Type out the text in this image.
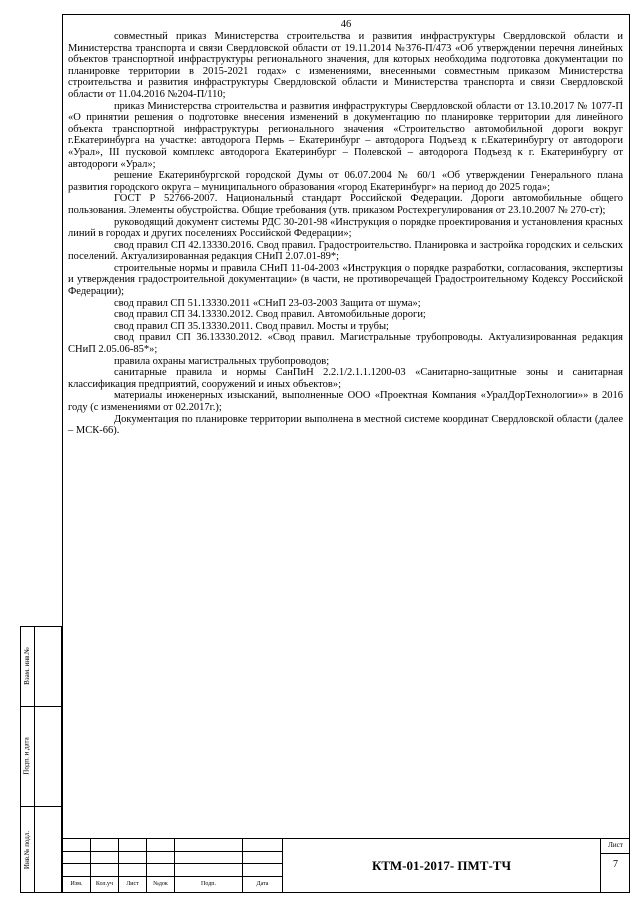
46

совместный приказ Министерства строительства и развития инфраструктуры Свердловской области и Министерства транспорта и связи Свердловской области от 19.11.2014 №376-П/473 «Об утверждении перечня линейных объектов транспортной инфраструктуры регионального значения, для которых необходима подготовка документации по планировке территории в 2015-2021 годах» с изменениями, внесенными совместным приказом Министерства строительства и развития инфраструктуры Свердловской области и Министерства транспорта и связи Свердловской области от 11.04.2016 №204-П/110;

приказ Министерства строительства и развития инфраструктуры Свердловской области от 13.10.2017 № 1077-П «О принятии решения о подготовке внесения изменений в документацию по планировке территории для линейного объекта транспортной инфраструктуры регионального значения «Строительство автомобильной дороги вокруг г.Екатеринбурга на участке: автодорога Пермь – Екатеринбург – автодорога Подъезд к г.Екатеринбургу от автодороги «Урал», III пусковой комплекс автодорога Екатеринбург – Полевской – автодорога Подъезд к г. Екатеринбургу от автодороги «Урал»;

решение Екатеринбургской городской Думы от 06.07.2004 № 60/1 «Об утверждении Генерального плана развития городского округа – муниципального образования «город Екатеринбург» на период до 2025 года»;

ГОСТ Р 52766-2007. Национальный стандарт Российской Федерации. Дороги автомобильные общего пользования. Элементы обустройства. Общие требования (утв. приказом Ростехрегулирования от 23.10.2007 № 270-ст);

руководящий документ системы РДС 30-201-98 «Инструкция о порядке проектирования и установления красных линий в городах и других поселениях Российской Федерации»;

свод правил СП 42.13330.2016. Свод правил. Градостроительство. Планировка и застройка городских и сельских поселений. Актуализированная редакция СНиП 2.07.01-89*;

строительные нормы и правила СНиП 11-04-2003 «Инструкция о порядке разработки, согласования, экспертизы и утверждения градостроительной документации» (в части, не противоречащей Градостроительному Кодексу Российской Федерации);

свод правил СП 51.13330.2011 «СНиП 23-03-2003 Защита от шума»;

свод правил СП 34.13330.2012. Свод правил. Автомобильные дороги;

свод правил СП 35.13330.2011. Свод правил. Мосты и трубы;

свод правил СП 36.13330.2012. «Свод правил. Магистральные трубопроводы. Актуализированная редакция СНиП 2.05.06-85*»;

правила охраны магистральных трубопроводов;

санитарные правила и нормы СанПиН 2.2.1/2.1.1.1200-03 «Санитарно-защитные зоны и санитарная классификация предприятий, сооружений и иных объектов»;

материалы инженерных изысканий, выполненные ООО «Проектная Компания «УралДорТехнологии»» в 2016 году (с изменениями от 02.2017г.);

Документация по планировке территории выполнена в местной системе координат Свердловской области (далее – МСК-66).

Изм.	Кол.уч	Лист	№док	Подп.	Дата
КТМ-01-2017- ПМТ-ТЧ
Лист
7
Взам. инв.№
Подп. и дата
Инв.№ подл.
